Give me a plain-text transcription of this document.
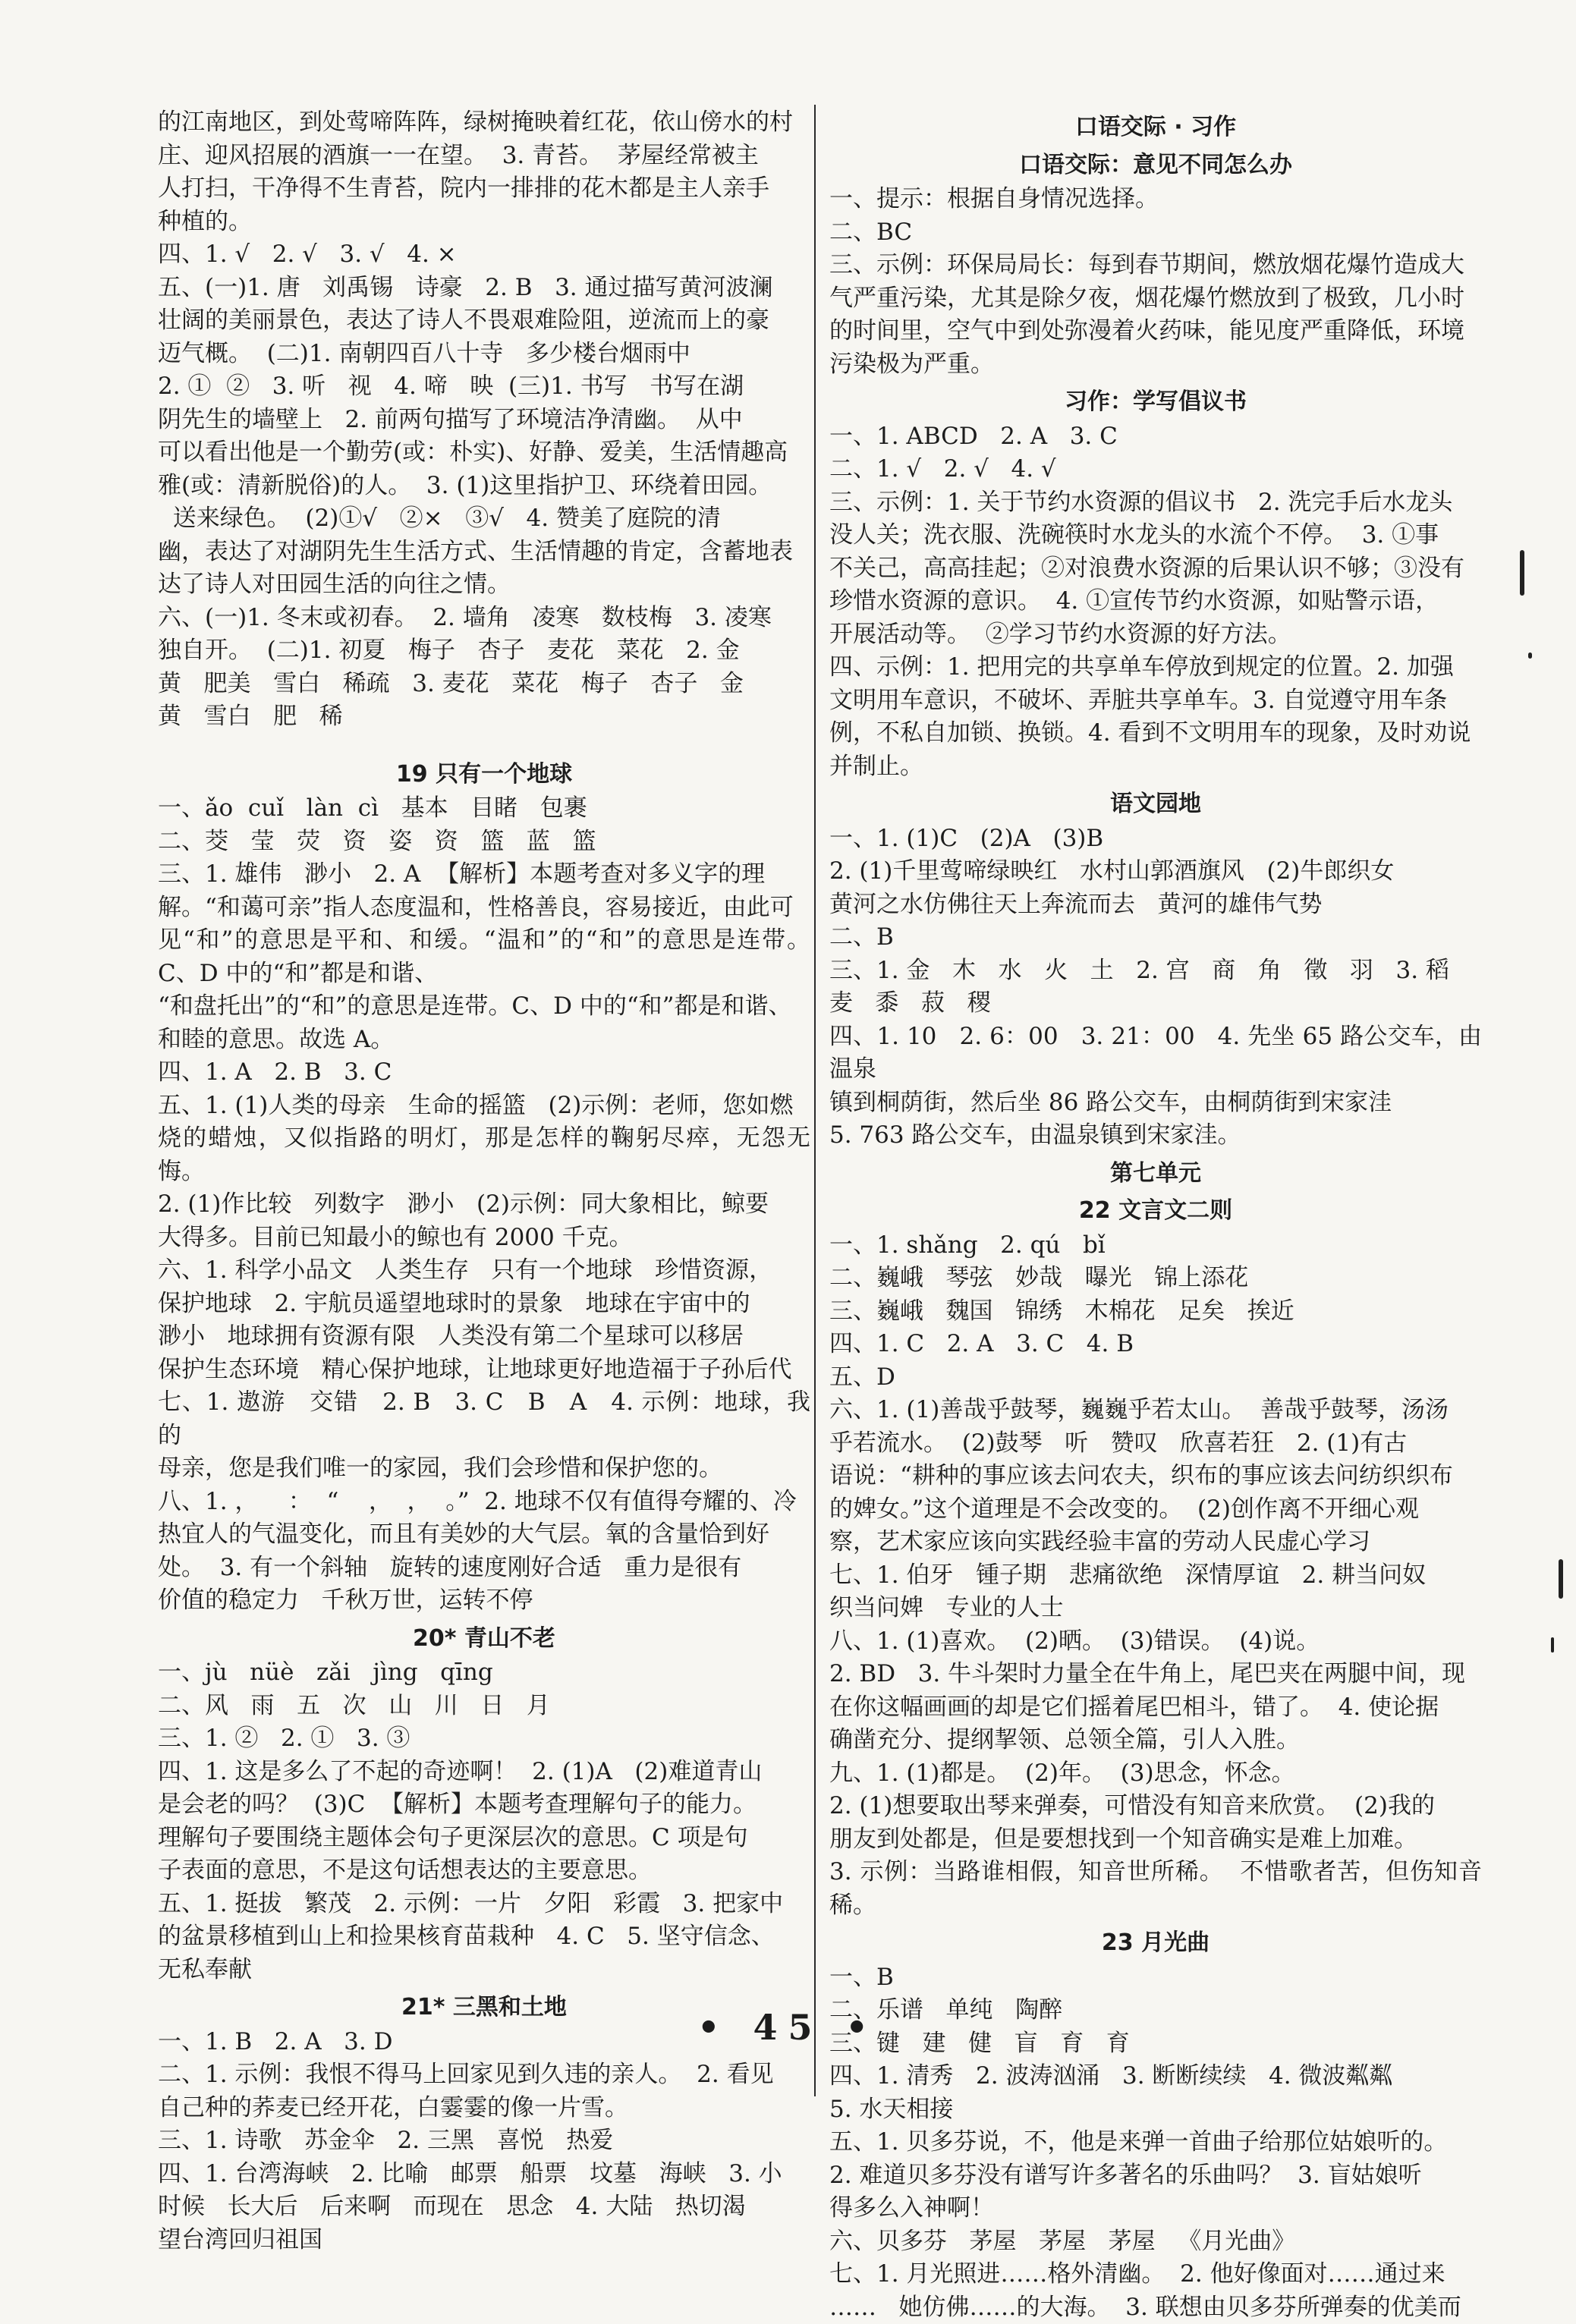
的江南地区，到处莺啼阵阵，绿树掩映着红花，依山傍水的村
庄、迎风招展的酒旗一一在望。  3. 青苔。  茅屋经常被主
人打扫，干净得不生青苔，院内一排排的花木都是主人亲手
种植的。
四、1. √   2. √   3. √   4. ×
五、(一)1. 唐   刘禹锡   诗豪   2. B   3. 通过描写黄河波澜
壮阔的美丽景色，表达了诗人不畏艰难险阻，逆流而上的豪
迈气概。  (二)1. 南朝四百八十寺   多少楼台烟雨中
2. ①  ②   3. 听   视   4. 啼   映  (三)1. 书写   书写在湖
阴先生的墙壁上   2. 前两句描写了环境洁净清幽。  从中
可以看出他是一个勤劳(或：朴实)、好静、爱美，生活情趣高
雅(或：清新脱俗)的人。  3. (1)这里指护卫、环绕着田园。
送来绿色。  (2)①√   ②×   ③√   4. 赞美了庭院的清
幽，表达了对湖阴先生生活方式、生活情趣的肯定，含蓄地表
达了诗人对田园生活的向往之情。
六、(一)1. 冬末或初春。  2. 墙角   凌寒   数枝梅   3. 凌寒
独自开。  (二)1. 初夏   梅子   杏子   麦花   菜花   2. 金
黄   肥美   雪白   稀疏   3. 麦花   菜花   梅子   杏子   金
黄   雪白   肥   稀
19 只有一个地球
一、ǎo  cuǐ   làn  cì   基本   目睹   包裹
二、茭   莹   荧   资   姿   资   篮   蓝   篮
三、1. 雄伟   渺小   2. A  【解析】本题考查对多义字的理
解。“和蔼可亲”指人态度温和，性格善良，容易接近，由此可
见“和”的意思是平和、和缓。“温和”的“和”的意思是连带。C、D 中的“和”都是和谐、
“和盘托出”的“和”的意思是连带。C、D 中的“和”都是和谐、
和睦的意思。故选 A。
四、1. A   2. B   3. C
五、1. (1)人类的母亲   生命的摇篮   (2)示例：老师，您如燃
烧的蜡烛，又似指路的明灯，那是怎样的鞠躬尽瘁，无怨无悔。
2. (1)作比较   列数字   渺小   (2)示例：同大象相比，鲸要
大得多。目前已知最小的鲸也有 2000 千克。
六、1. 科学小品文   人类生存   只有一个地球   珍惜资源，
保护地球   2. 宇航员遥望地球时的景象   地球在宇宙中的
渺小   地球拥有资源有限   人类没有第二个星球可以移居
保护生态环境   精心保护地球，让地球更好地造福于子孙后代
七、1. 遨游   交错   2. B   3. C   B   A   4. 示例：地球，我的
母亲，您是我们唯一的家园，我们会珍惜和保护您的。
八、1. ，    ：  “    ，  ，  。”  2. 地球不仅有值得夸耀的、冷
热宜人的气温变化，而且有美妙的大气层。氧的含量恰到好
处。  3. 有一个斜轴   旋转的速度刚好合适   重力是很有
价值的稳定力   千秋万世，运转不停
20* 青山不老
一、jù   nüè   zǎi   jìng   qīng
二、风   雨   五   次   山   川   日   月
三、1. ②   2. ①   3. ③
四、1. 这是多么了不起的奇迹啊！  2. (1)A   (2)难道青山
是会老的吗？  (3)C  【解析】本题考查理解句子的能力。
理解句子要围绕主题体会句子更深层次的意思。C 项是句
子表面的意思，不是这句话想表达的主要意思。
五、1. 挺拔   繁茂   2. 示例：一片   夕阳   彩霞   3. 把家中
的盆景移植到山上和捡果核育苗栽种   4. C   5. 坚守信念、
无私奉献
21* 三黑和土地
一、1. B   2. A   3. D
二、1. 示例：我恨不得马上回家见到久违的亲人。  2. 看见
自己种的荞麦已经开花，白霎霎的像一片雪。
三、1. 诗歌   苏金伞   2. 三黑   喜悦   热爱
四、1. 台湾海峡   2. 比喻   邮票   船票   坟墓   海峡   3. 小
时候   长大后   后来啊   而现在   思念   4. 大陆   热切渴
望台湾回归祖国
口语交际 · 习作
口语交际：意见不同怎么办
一、提示：根据自身情况选择。
二、BC
三、示例：环保局局长：每到春节期间，燃放烟花爆竹造成大
气严重污染，尤其是除夕夜，烟花爆竹燃放到了极致，几小时
的时间里，空气中到处弥漫着火药味，能见度严重降低，环境
污染极为严重。
习作：学写倡议书
一、1. ABCD   2. A   3. C
二、1. √   2. √   4. √
三、示例：1. 关于节约水资源的倡议书   2. 洗完手后水龙头
没人关；洗衣服、洗碗筷时水龙头的水流个不停。  3. ①事
不关己，高高挂起；②对浪费水资源的后果认识不够；③没有
珍惜水资源的意识。  4. ①宣传节约水资源，如贴警示语，
开展活动等。  ②学习节约水资源的好方法。
四、示例：1. 把用完的共享单车停放到规定的位置。2. 加强
文明用车意识，不破坏、弄脏共享单车。3. 自觉遵守用车条
例，不私自加锁、换锁。4. 看到不文明用车的现象，及时劝说
并制止。
语文园地
一、1. (1)C   (2)A   (3)B
2. (1)千里莺啼绿映红   水村山郭酒旗风   (2)牛郎织女
黄河之水仿佛往天上奔流而去   黄河的雄伟气势
二、B
三、1. 金   木   水   火   土   2. 宫   商   角   徵   羽   3. 稻
麦   黍   菽   稷
四、1. 10   2. 6：00   3. 21：00   4. 先坐 65 路公交车，由温泉
镇到桐荫街，然后坐 86 路公交车，由桐荫街到宋家洼
5. 763 路公交车，由温泉镇到宋家洼。
第七单元
22 文言文二则
一、1. shǎng   2. qú   bǐ
二、巍峨   琴弦   妙哉   曝光   锦上添花
三、巍峨   魏国   锦绣   木棉花   足矣   挨近
四、1. C   2. A   3. C   4. B
五、D
六、1. (1)善哉乎鼓琴，巍巍乎若太山。  善哉乎鼓琴，汤汤
乎若流水。  (2)鼓琴   听   赞叹   欣喜若狂   2. (1)有古
语说：“耕种的事应该去问农夫，织布的事应该去问纺织织布
的婢女。”这个道理是不会改变的。  (2)创作离不开细心观
察，艺术家应该向实践经验丰富的劳动人民虚心学习
七、1. 伯牙   锺子期   悲痛欲绝   深情厚谊   2. 耕当问奴
织当问婢   专业的人士
八、1. (1)喜欢。  (2)晒。  (3)错误。  (4)说。
2. BD   3. 牛斗架时力量全在牛角上，尾巴夹在两腿中间，现
在你这幅画画的却是它们摇着尾巴相斗，错了。  4. 使论据
确凿充分、提纲挈领、总领全篇，引人入胜。
九、1. (1)都是。  (2)年。  (3)思念，怀念。
2. (1)想要取出琴来弹奏，可惜没有知音来欣赏。  (2)我的
朋友到处都是，但是要想找到一个知音确实是难上加难。
3. 示例：当路谁相假，知音世所稀。  不惜歌者苦，但伤知音稀。
23 月光曲
一、B
二、乐谱   单纯   陶醉
三、键   建   健   盲   育   育
四、1. 清秀   2. 波涛汹涌   3. 断断续续   4. 微波粼粼
5. 水天相接
五、1. 贝多芬说，不，他是来弹一首曲子给那位姑娘听的。
2. 难道贝多芬没有谱写许多著名的乐曲吗？  3. 盲姑娘听
得多么入神啊！
六、贝多芬   茅屋   茅屋   茅屋   《月光曲》
七、1. 月光照进……格外清幽。  2. 他好像面对……通过来
……   她仿佛……的大海。  3. 联想由贝多芬所弹奏的优美而
• 45 •
